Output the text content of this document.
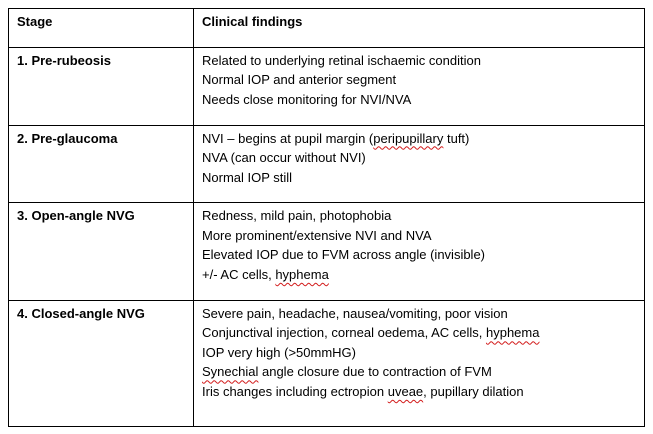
Stage	Clinical findings
1. Pre-rubeosis	Related to underlying retinal ischaemic condition
Normal IOP and anterior segment
Needs close monitoring for NVI/NVA

2. Pre-glaucoma	NVI – begins at pupil margin (peripupillary tuft)
NVA (can occur without NVI)
Normal IOP still

3. Open-angle NVG	Redness, mild pain, photophobia
More prominent/extensive NVI and NVA
Elevated IOP due to FVM across angle (invisible)
+/- AC cells, hyphema

4. Closed-angle NVG	Severe pain, headache, nausea/vomiting, poor vision
Conjunctival injection, corneal oedema, AC cells, hyphema
IOP very high (>50mmHG)
Synechial angle closure due to contraction of FVM
Iris changes including ectropion uveae, pupillary dilation
